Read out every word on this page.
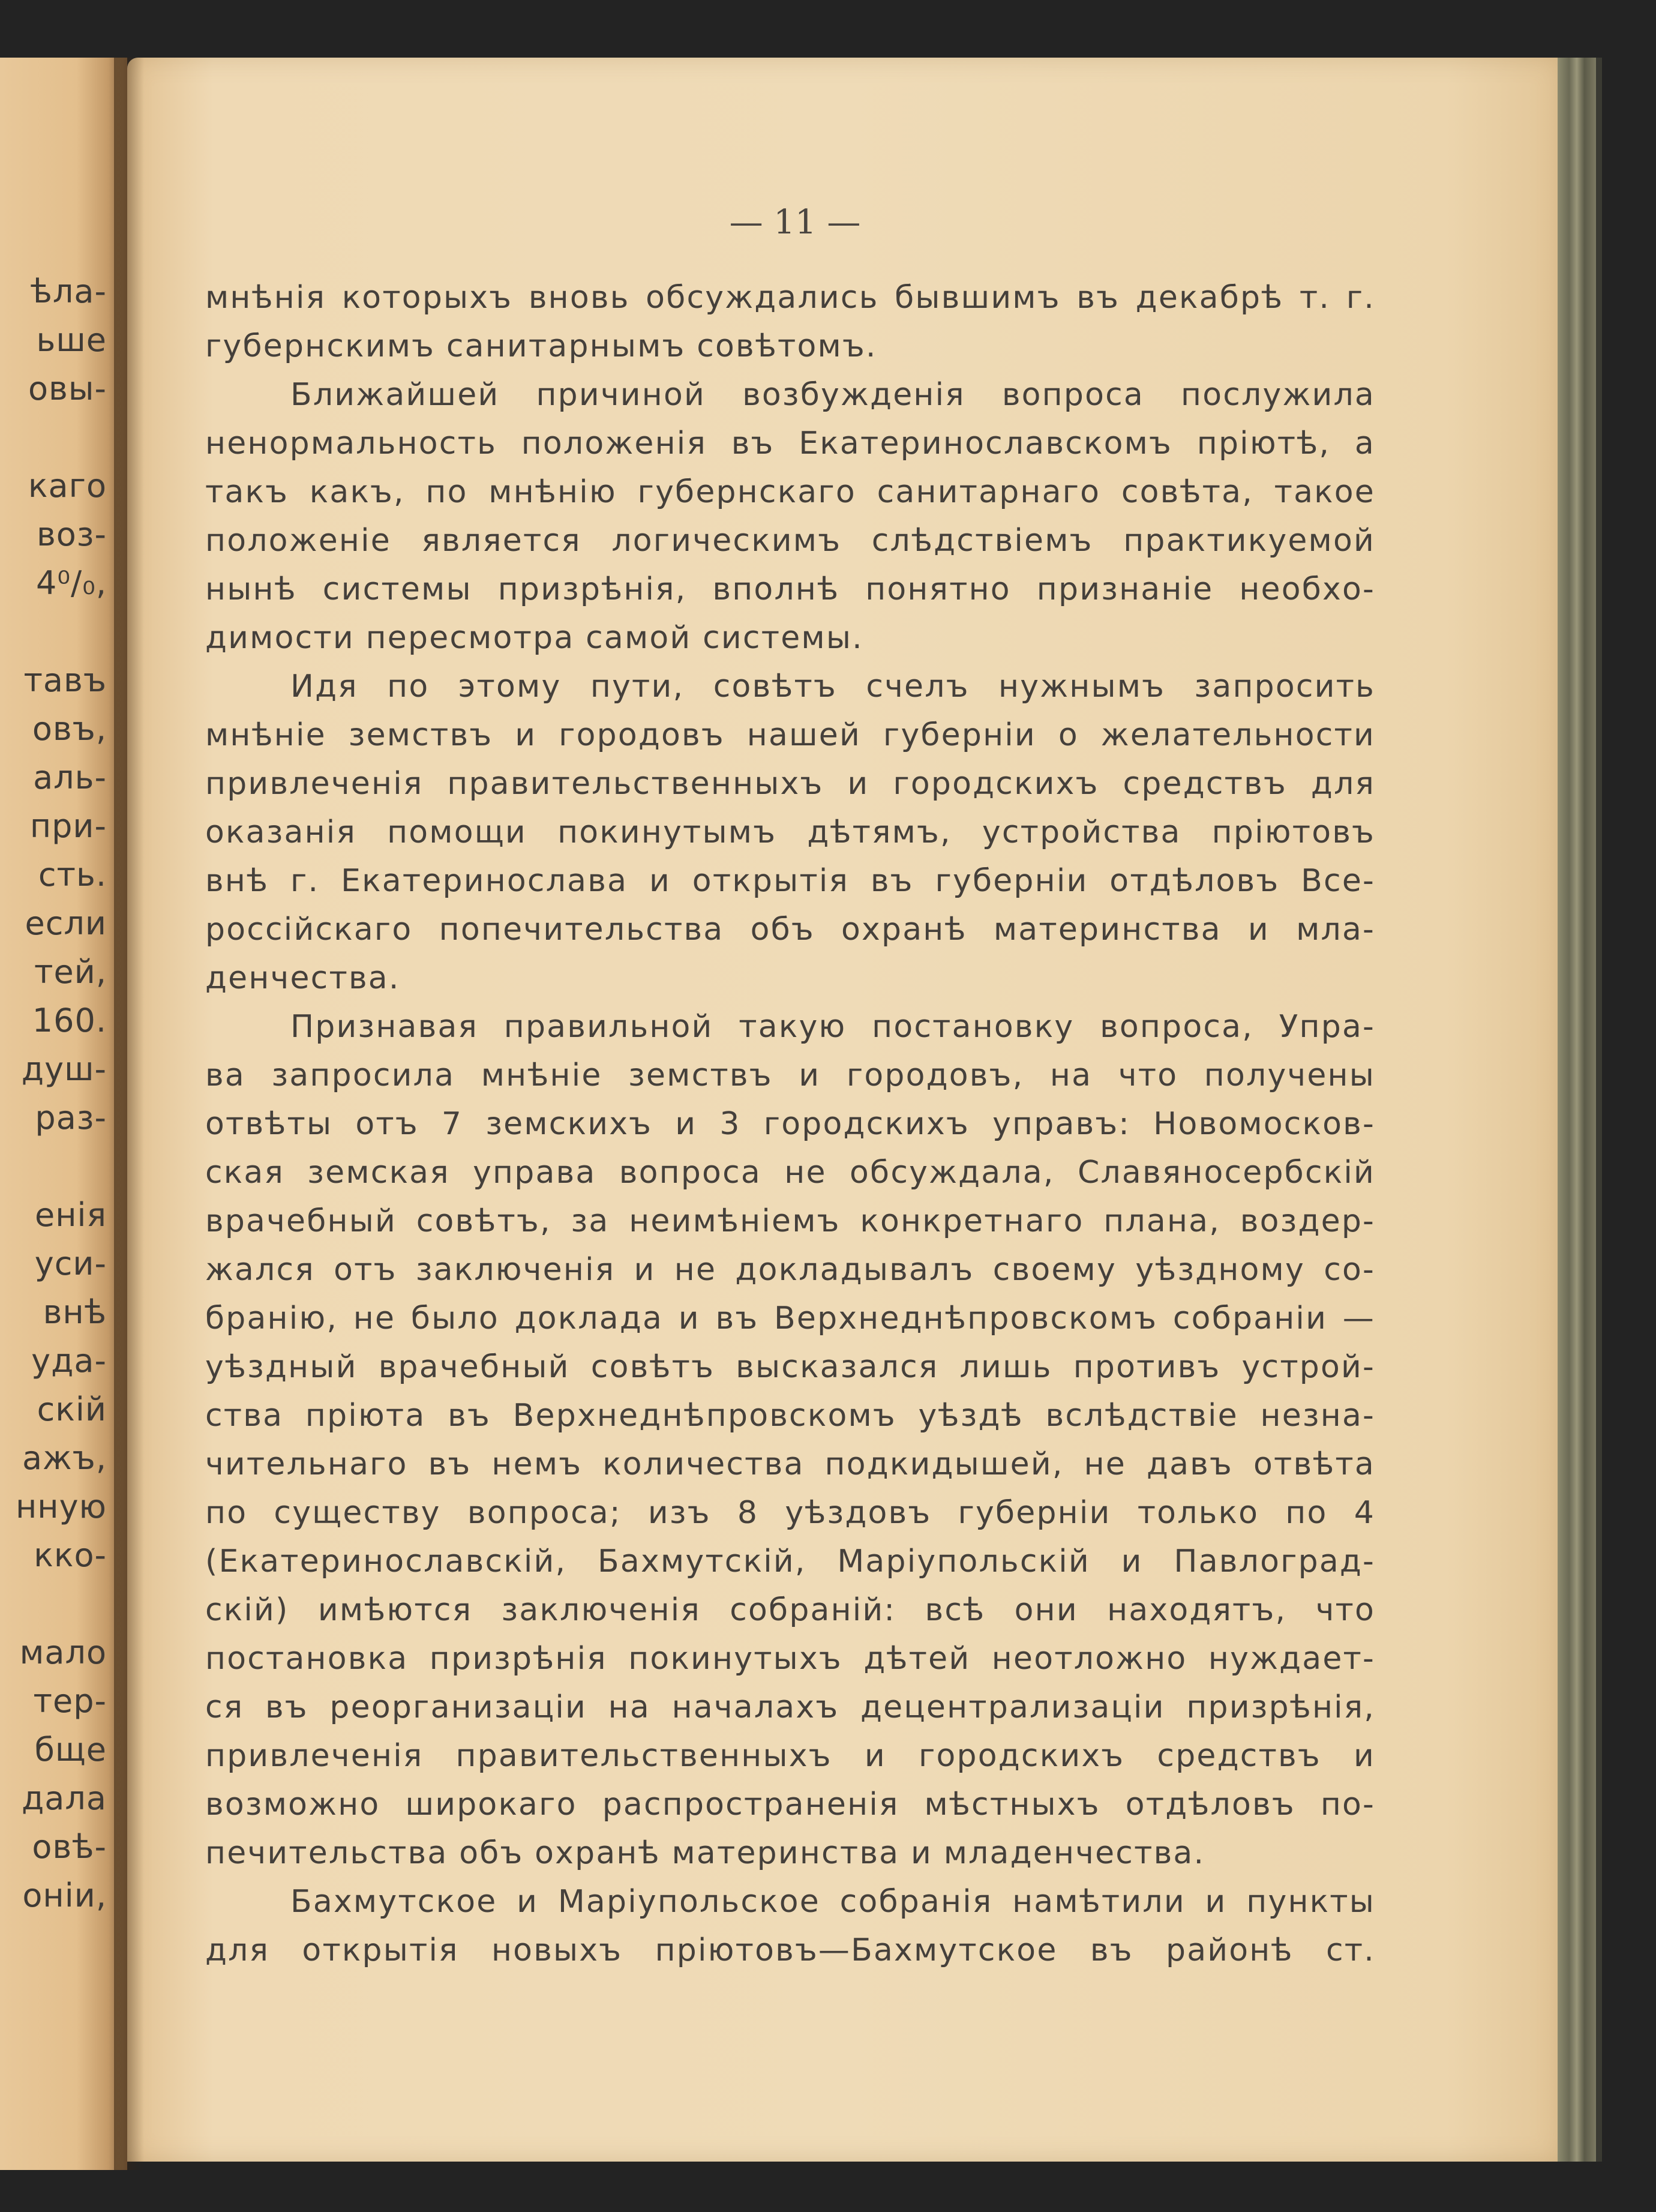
ѣла-
ьше
овы-
каго
воз-
4⁰/₀,
тавъ
овъ,
аль-
при-
сть.
если
тей,
160.
душ-
раз-
енія
уси-
внѣ
уда-
скій
ажъ,
нную
кко-
мало
тер-
бще
дала
овѣ-
оніи,
— 11 —
мнѣнія которыхъ вновь обсуждались бывшимъ въ декабрѣ т. г.
губернскимъ санитарнымъ совѣтомъ.
Ближайшей причиной возбужденія вопроса послужила
ненормальность положенія въ Екатеринославскомъ пріютѣ, а
такъ какъ, по мнѣнію губернскаго санитарнаго совѣта, такое
положеніе является логическимъ слѣдствіемъ практикуемой
нынѣ системы призрѣнія, вполнѣ понятно признаніе необхо-
димости пересмотра самой системы.
Идя по этому пути, совѣтъ счелъ нужнымъ запросить
мнѣніе земствъ и городовъ нашей губерніи о желательности
привлеченія правительственныхъ и городскихъ средствъ для
оказанія помощи покинутымъ дѣтямъ, устройства пріютовъ
внѣ г. Екатеринослава и открытія въ губерніи отдѣловъ Все-
россійскаго попечительства объ охранѣ материнства и мла-
денчества.
Признавая правильной такую постановку вопроса, Упра-
ва запросила мнѣніе земствъ и городовъ, на что получены
отвѣты отъ 7 земскихъ и 3 городскихъ управъ: Новомосков-
ская земская управа вопроса не обсуждала, Славяносербскій
врачебный совѣтъ, за неимѣніемъ конкретнаго плана, воздер-
жался отъ заключенія и не докладывалъ своему уѣздному со-
бранію, не было доклада и въ Верхнеднѣпровскомъ собраніи —
уѣздный врачебный совѣтъ высказался лишь противъ устрой-
ства пріюта въ Верхнеднѣпровскомъ уѣздѣ вслѣдствіе незна-
чительнаго въ немъ количества подкидышей, не давъ отвѣта
по существу вопроса; изъ 8 уѣздовъ губерніи только по 4
(Екатеринославскій, Бахмутскій, Маріупольскій и Павлоград-
скій) имѣются заключенія собраній: всѣ они находятъ, что
постановка призрѣнія покинутыхъ дѣтей неотложно нуждает-
ся въ реорганизаціи на началахъ децентрализаціи призрѣнія,
привлеченія правительственныхъ и городскихъ средствъ и
возможно широкаго распространенія мѣстныхъ отдѣловъ по-
печительства объ охранѣ материнства и младенчества.
Бахмутское и Маріупольское собранія намѣтили и пункты
для открытія новыхъ пріютовъ—Бахмутское въ районѣ ст.
